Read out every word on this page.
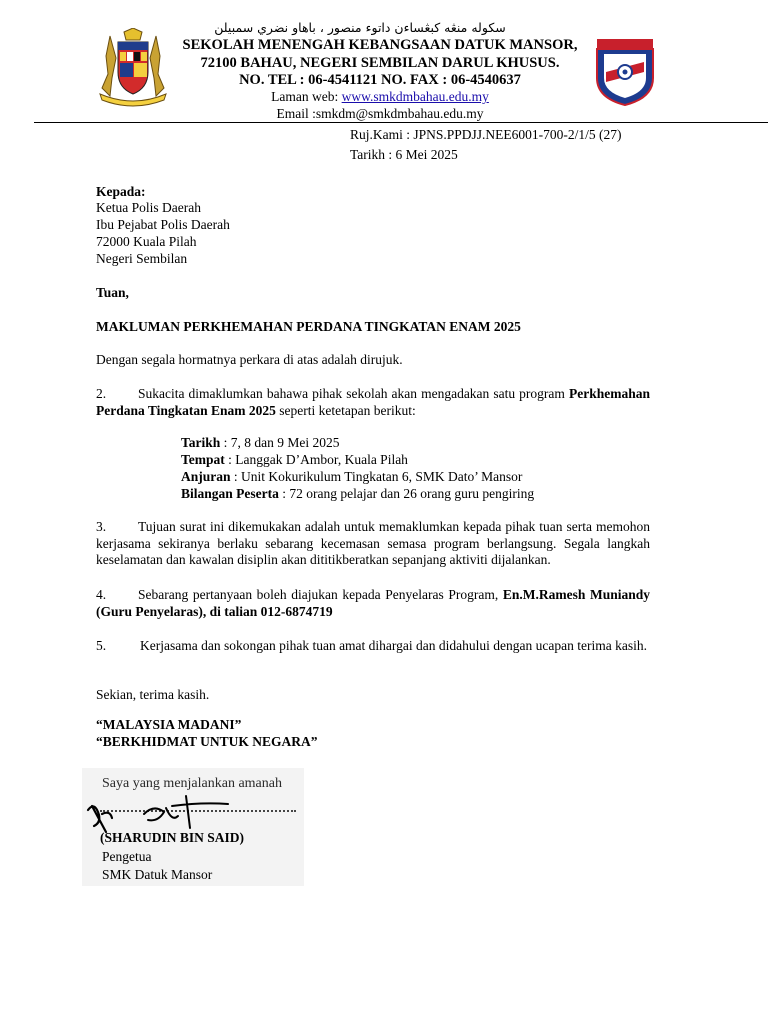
سکوله منڠه کبڠساءن داتوء منصور ، باهاو نضري سمبيلن
SEKOLAH MENENGAH KEBANGSAAN DATUK MANSOR,
72100 BAHAU, NEGERI SEMBILAN DARUL KHUSUS.
NO. TEL : 06-4541121 NO. FAX : 06-4540637
Laman web: www.smkdmbahau.edu.my
Email :smkdm@smkdmbahau.edu.my
Ruj.Kami : JPNS.PPDJJ.NEE6001-700-2/1/5 (27)
Tarikh : 6 Mei 2025
Kepada:
Ketua Polis Daerah
Ibu Pejabat Polis Daerah
72000 Kuala Pilah
Negeri Sembilan
Tuan,
MAKLUMAN PERKHEMAHAN PERDANA TINGKATAN ENAM 2025
Dengan segala hormatnya perkara di atas adalah dirujuk.
2. Sukacita dimaklumkan bahawa pihak sekolah akan mengadakan satu program Perkhemahan Perdana Tingkatan Enam 2025 seperti ketetapan berikut:
Tarikh : 7, 8 dan 9 Mei 2025
Tempat : Langgak D’Ambor, Kuala Pilah
Anjuran : Unit Kokurikulum Tingkatan 6, SMK Dato’ Mansor
Bilangan Peserta : 72 orang pelajar dan 26 orang guru pengiring
3. Tujuan surat ini dikemukakan adalah untuk memaklumkan kepada pihak tuan serta memohon kerjasama sekiranya berlaku sebarang kecemasan semasa program berlangsung. Segala langkah keselamatan dan kawalan disiplin akan dititikberatkan sepanjang aktiviti dijalankan.
4. Sebarang pertanyaan boleh diajukan kepada Penyelaras Program, En.M.Ramesh Muniandy (Guru Penyelaras), di talian 012-6874719
5.	Kerjasama dan sokongan pihak tuan amat dihargai dan didahului dengan ucapan terima kasih.
Sekian, terima kasih.
“MALAYSIA MADANI”
“BERKHIDMAT UNTUK NEGARA”
Saya yang menjalankan amanah
(SHARUDIN BIN SAID)
Pengetua
SMK Datuk Mansor
